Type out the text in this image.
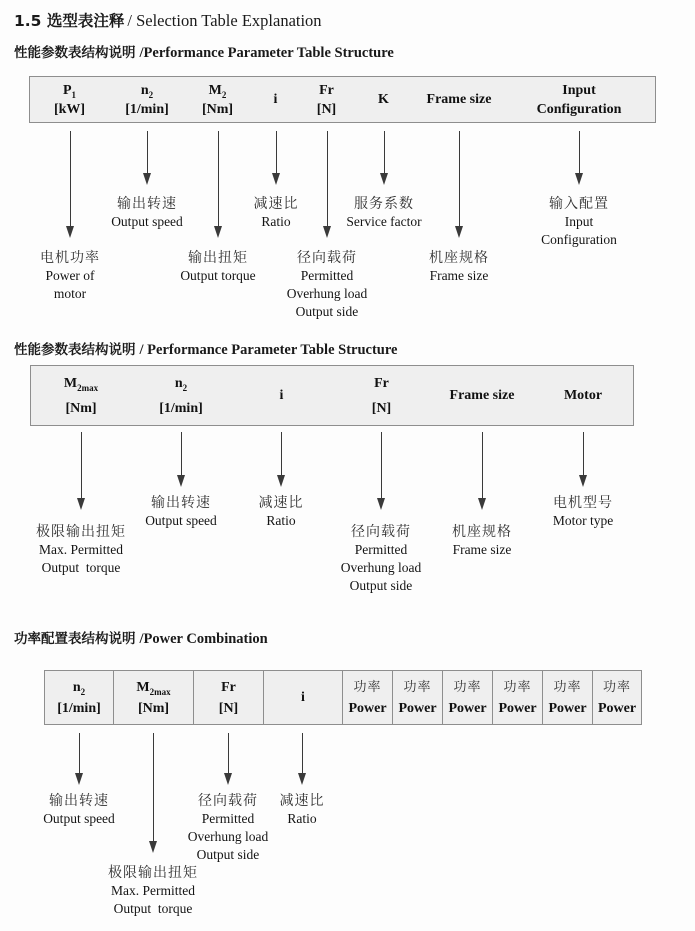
1.5 选型表注释 / Selection Table Explanation
性能参数表结构说明 /Performance Parameter Table Structure
$P_1$
[kW]
$n_2$
[1/min]
$M_2$
[Nm]
i
Fr
[N]
K	Frame size
Input
Configuration
输出转速
Output speed
减速比
Ratio
服务系数
Service factor
输入配置
Input
Configuration
电机功率
Power of
motor
输出扭矩
Output torque
径向载荷
Permitted
Overhung load
Output side
机座规格
Frame size
性能参数表结构说明 / Performance Parameter Table Structure
$M_{2max}$
[Nm]
$n_2$
[1/min]
i
Fr
[N]
Frame size	Motor
输出转速
Output speed
减速比
Ratio
电机型号
Motor type
极限输出扭矩
Max. Permitted
Output  torque
径向载荷
Permitted
Overhung load
Output side
机座规格
Frame size
功率配置表结构说明 /Power Combination
$n_2$
[1/min]
$M_{2max}$
[Nm]
Fr
[N]
i
功率
Power
功率
Power
功率
Power
功率
Power
功率
Power
功率
Power
输出转速
Output speed
径向载荷
Permitted
Overhung load
Output side
减速比
Ratio
极限输出扭矩
Max. Permitted
Output  torque
